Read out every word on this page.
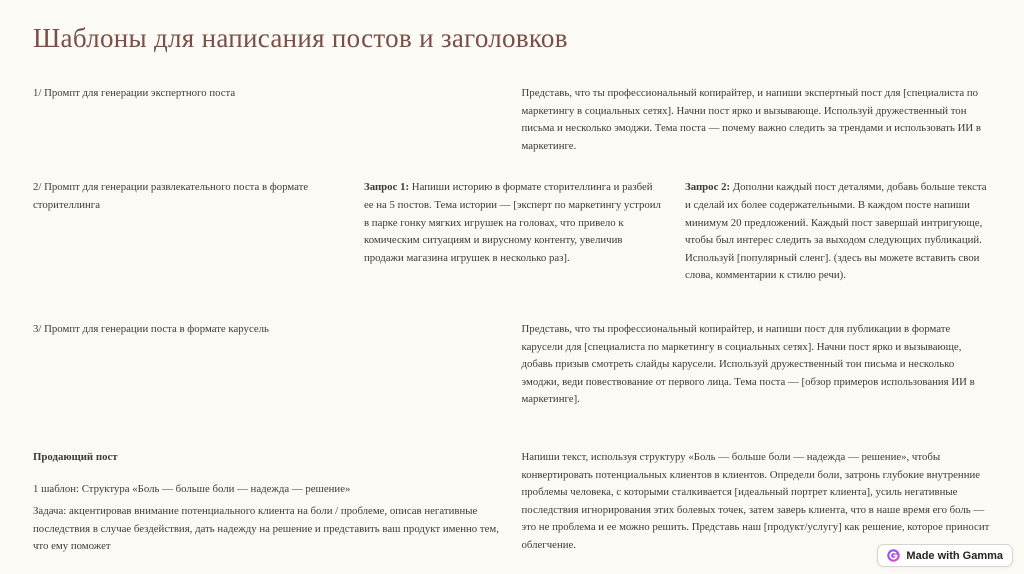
Шаблоны для написания постов и заголовков
1/ Промпт для генерации экспертного поста	Представь, что ты профессиональный копирайтер, и напиши экспертный пост для [специалиста по маркетингу в социальных сетях]. Начни пост ярко и вызывающе. Используй дружественный тон письма и несколько эмоджи. Тема поста — почему важно следить за трендами и использовать ИИ в маркетинге.
2/ Промпт для генерации развлекательного поста в формате сторителлинга
Запрос 1: Напиши историю в формате сторителлинга и разбей ее на 5 постов. Тема истории — [эксперт по маркетингу устроил в парке гонку мягких игрушек на головах, что привело к комическим ситуациям и вирусному контенту, увеличив продажи магазина игрушек в несколько раз].
Запрос 2: Дополни каждый пост деталями, добавь больше текста и сделай их более содержательными. В каждом посте напиши минимум 20 предложений. Каждый пост завершай интригующе, чтобы был интерес следить за выходом следующих публикаций. Используй [популярный сленг]. (здесь вы можете вставить свои слова, комментарии к стилю речи).
3/ Промпт для генерации поста в формате карусель	Представь, что ты профессиональный копирайтер, и напиши пост для публикации в формате карусели для [специалиста по маркетингу в социальных сетях]. Начни пост ярко и вызывающе, добавь призыв смотреть слайды карусели. Используй дружественный тон письма и несколько эмоджи, веди повествование от первого лица. Тема поста — [обзор примеров использования ИИ в маркетинге].
Продающий пост

1 шаблон: Структура «Боль — больше боли — надежда — решение»

Задача: акцентировав внимание потенциального клиента на боли / проблеме, описав негативные последствия в случае бездействия, дать надежду на решение и представить ваш продукт именно тем, что ему поможет

Напиши текст, используя структуру «Боль — больше боли — надежда — решение», чтобы конвертировать потенциальных клиентов в клиентов. Определи боли, затронь глубокие внутренние проблемы человека, с которыми сталкивается [идеальный портрет клиента], усиль негативные последствия игнорирования этих болевых точек, затем заверь клиента, что в наше время его боль — это не проблема и ее можно решить. Представь наш [продукт/услугу] как решение, которое приносит облегчение.
Made with Gamma
